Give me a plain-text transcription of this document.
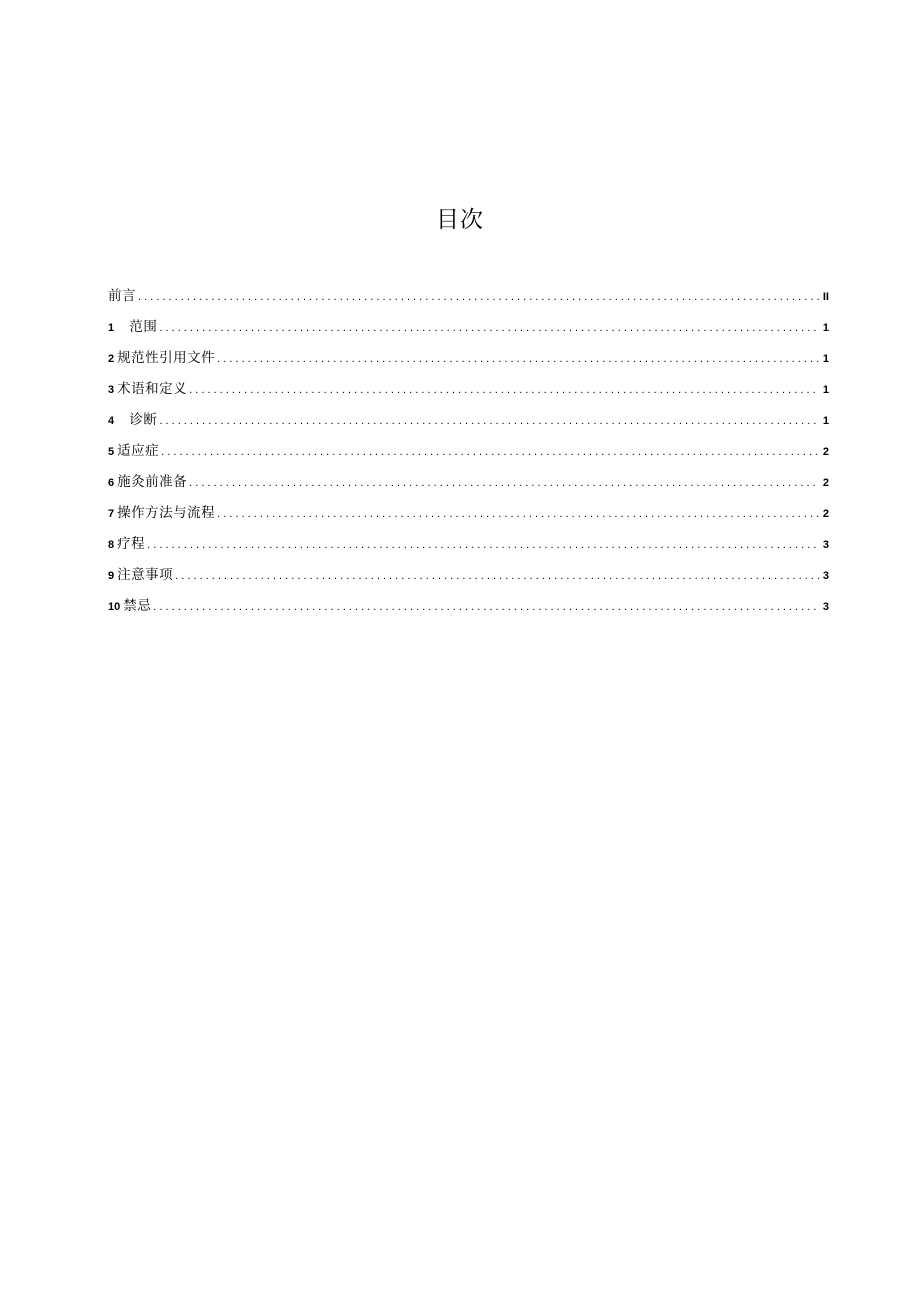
目次
前言 . . .	II
1	范围 . . .	1
2 规范性引用文件 . . .	1
3 术语和定义 . . .	1
4	诊断 . . .	1
5 适应症 . . .	2
6 施灸前准备 . . .	2
7 操作方法与流程 . . .	2
8 疗程 . . .	3
9 注意事项 . . .	3
10 禁忌 . . .	3
